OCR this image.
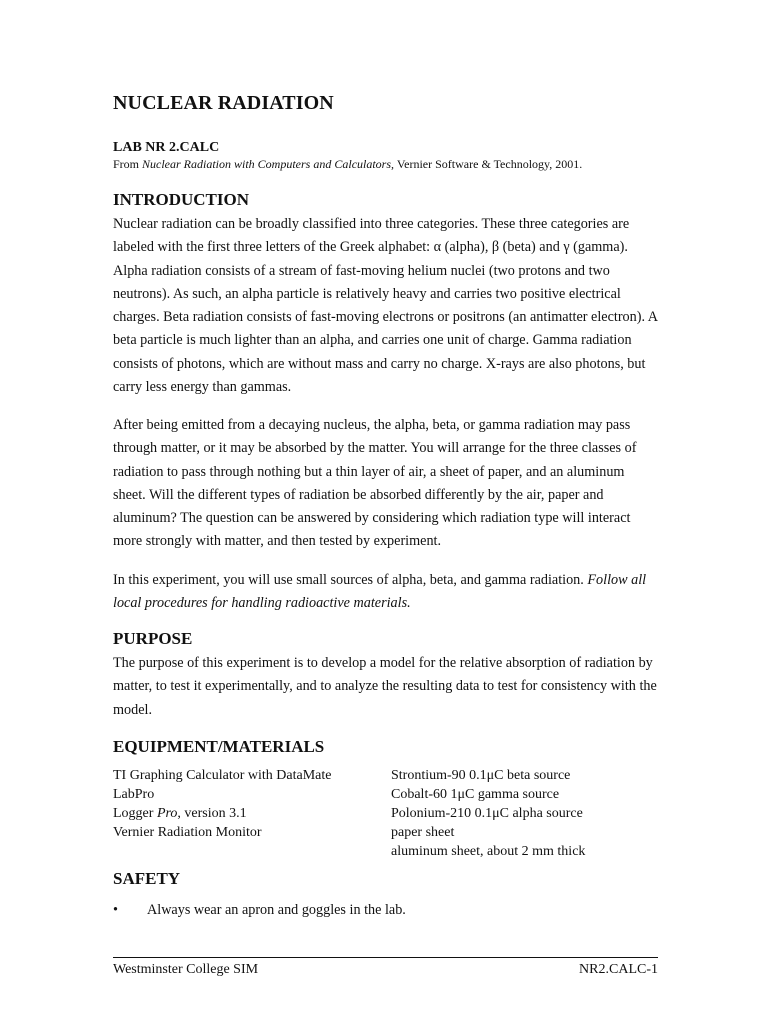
NUCLEAR RADIATION

LAB NR 2.CALC

From Nuclear Radiation with Computers and Calculators, Vernier Software & Technology, 2001.

INTRODUCTION

Nuclear radiation can be broadly classified into three categories. These three categories are labeled with the first three letters of the Greek alphabet: α (alpha), β (beta) and γ (gamma). Alpha radiation consists of a stream of fast-moving helium nuclei (two protons and two neutrons). As such, an alpha particle is relatively heavy and carries two positive electrical charges. Beta radiation consists of fast-moving electrons or positrons (an antimatter electron). A beta particle is much lighter than an alpha, and carries one unit of charge. Gamma radiation consists of photons, which are without mass and carry no charge. X-rays are also photons, but carry less energy than gammas.

After being emitted from a decaying nucleus, the alpha, beta, or gamma radiation may pass through matter, or it may be absorbed by the matter. You will arrange for the three classes of radiation to pass through nothing but a thin layer of air, a sheet of paper, and an aluminum sheet. Will the different types of radiation be absorbed differently by the air, paper and aluminum? The question can be answered by considering which radiation type will interact more strongly with matter, and then tested by experiment.

In this experiment, you will use small sources of alpha, beta, and gamma radiation. Follow all local procedures for handling radioactive materials.

PURPOSE

The purpose of this experiment is to develop a model for the relative absorption of radiation by matter, to test it experimentally, and to analyze the resulting data to test for consistency with the model.

EQUIPMENT/MATERIALS
TI Graphing Calculator with DataMate
LabPro
Logger Pro, version 3.1
Vernier Radiation Monitor
Strontium-90 0.1μC beta source
Cobalt-60 1μC gamma source
Polonium-210 0.1μC alpha source
paper sheet
aluminum sheet, about 2 mm thick
SAFETY
• Always wear an apron and goggles in the lab.
Westminster College SIM	NR2.CALC-1
